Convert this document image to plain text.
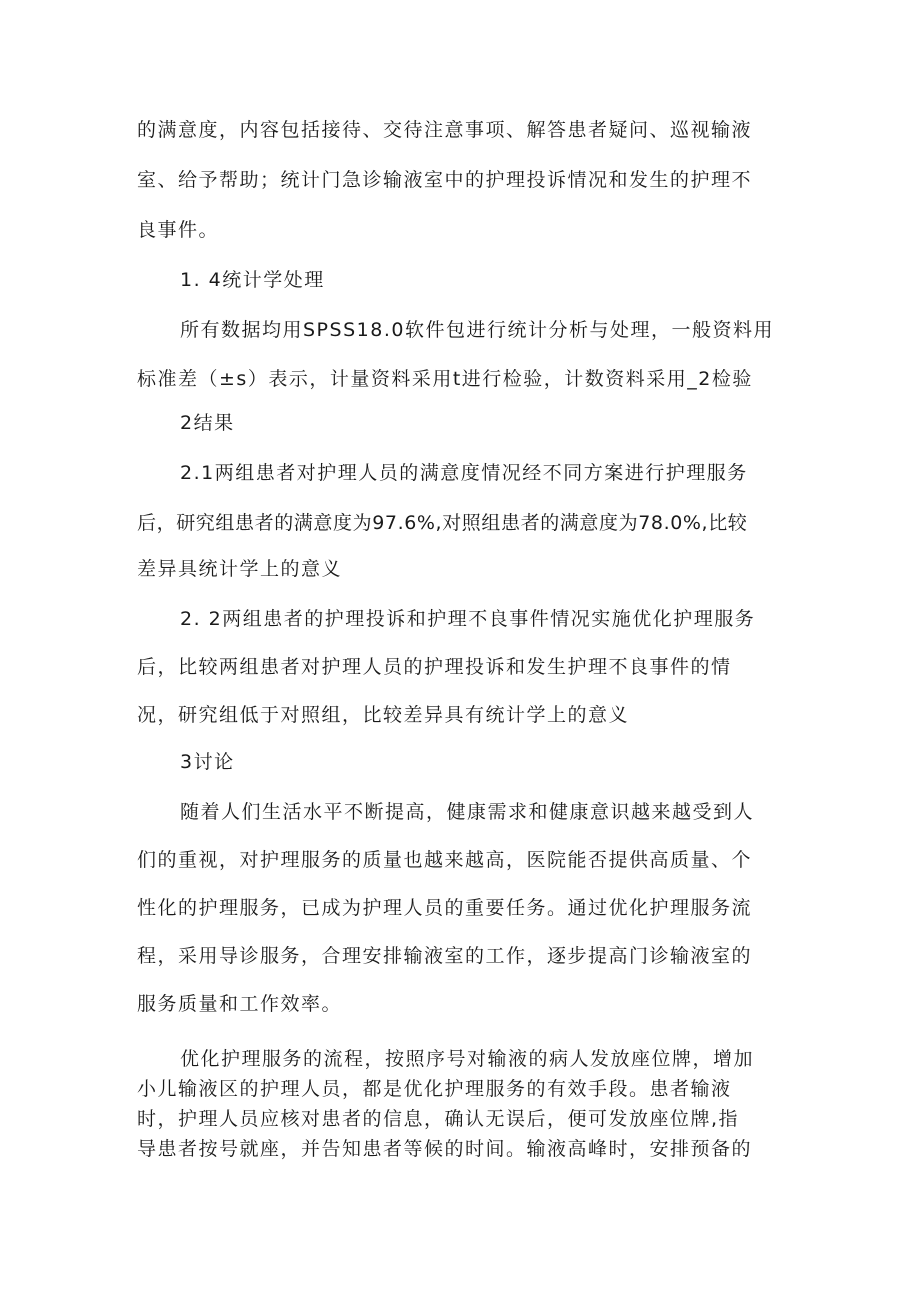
的满意度，内容包括接待、交待注意事项、解答患者疑问、巡视输液
室、给予帮助；统计门急诊输液室中的护理投诉情况和发生的护理不
良事件。
1. 4统计学处理
所有数据均用SPSS18.0软件包进行统计分析与处理，一般资料用
标准差（±s）表示，计量资料采用t进行检验，计数资料采用_2检验
2结果
2.1两组患者对护理人员的满意度情况经不同方案进行护理服务
后，研究组患者的满意度为97.6%,对照组患者的满意度为78.0%,比较
差异具统计学上的意义
2. 2两组患者的护理投诉和护理不良事件情况实施优化护理服务
后，比较两组患者对护理人员的护理投诉和发生护理不良事件的情
况，研究组低于对照组，比较差异具有统计学上的意义
3讨论
随着人们生活水平不断提高，健康需求和健康意识越来越受到人
们的重视，对护理服务的质量也越来越高，医院能否提供高质量、个
性化的护理服务，已成为护理人员的重要任务。通过优化护理服务流
程，采用导诊服务，合理安排输液室的工作，逐步提高门诊输液室的
服务质量和工作效率。
优化护理服务的流程，按照序号对输液的病人发放座位牌，增加
小儿输液区的护理人员，都是优化护理服务的有效手段。患者输液
时，护理人员应核对患者的信息，确认无误后，便可发放座位牌,指
导患者按号就座，并告知患者等候的时间。输液高峰时，安排预备的
